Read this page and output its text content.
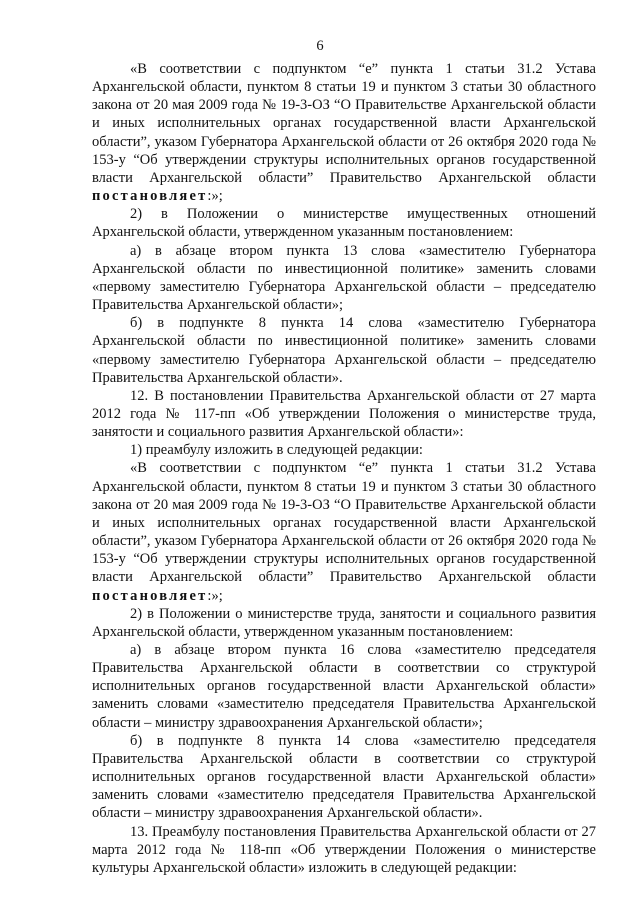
6

«В соответствии с подпунктом “е” пункта 1 статьи 31.2 Устава Архангельской области, пунктом 8 статьи 19 и пунктом 3 статьи 30 областного закона от 20 мая 2009 года № 19-3-ОЗ “О Правительстве Архангельской области и иных исполнительных органах государственной власти Архангельской области”, указом Губернатора Архангельской области от 26 октября 2020 года № 153-у “Об утверждении структуры исполнительных органов государственной власти Архангельской области” Правительство Архангельской области постановляет:»;

2) в Положении о министерстве имущественных отношений Архангельской области, утвержденном указанным постановлением:

а) в абзаце втором пункта 13 слова «заместителю Губернатора Архангельской области по инвестиционной политике» заменить словами «первому заместителю Губернатора Архангельской области – председателю Правительства Архангельской области»;

б) в подпункте 8 пункта 14 слова «заместителю Губернатора Архангельской области по инвестиционной политике» заменить словами «первому заместителю Губернатора Архангельской области – председателю Правительства Архангельской области».

12. В постановлении Правительства Архангельской области от 27 марта 2012 года № 117-пп «Об утверждении Положения о министерстве труда, занятости и социального развития Архангельской области»:

1) преамбулу изложить в следующей редакции:

«В соответствии с подпунктом “е” пункта 1 статьи 31.2 Устава Архангельской области, пунктом 8 статьи 19 и пунктом 3 статьи 30 областного закона от 20 мая 2009 года № 19-3-ОЗ “О Правительстве Архангельской области и иных исполнительных органах государственной власти Архангельской области”, указом Губернатора Архангельской области от 26 октября 2020 года № 153-у “Об утверждении структуры исполнительных органов государственной власти Архангельской области” Правительство Архангельской области постановляет:»;

2) в Положении о министерстве труда, занятости и социального развития Архангельской области, утвержденном указанным постановлением:

а) в абзаце втором пункта 16 слова «заместителю председателя Правительства Архангельской области в соответствии со структурой исполнительных органов государственной власти Архангельской области» заменить словами «заместителю председателя Правительства Архангельской области – министру здравоохранения Архангельской области»;

б) в подпункте 8 пункта 14 слова «заместителю председателя Правительства Архангельской области в соответствии со структурой исполнительных органов государственной власти Архангельской области» заменить словами «заместителю председателя Правительства Архангельской области – министру здравоохранения Архангельской области».

13. Преамбулу постановления Правительства Архангельской области от 27 марта 2012 года № 118-пп «Об утверждении Положения о министерстве культуры Архангельской области» изложить в следующей редакции:
